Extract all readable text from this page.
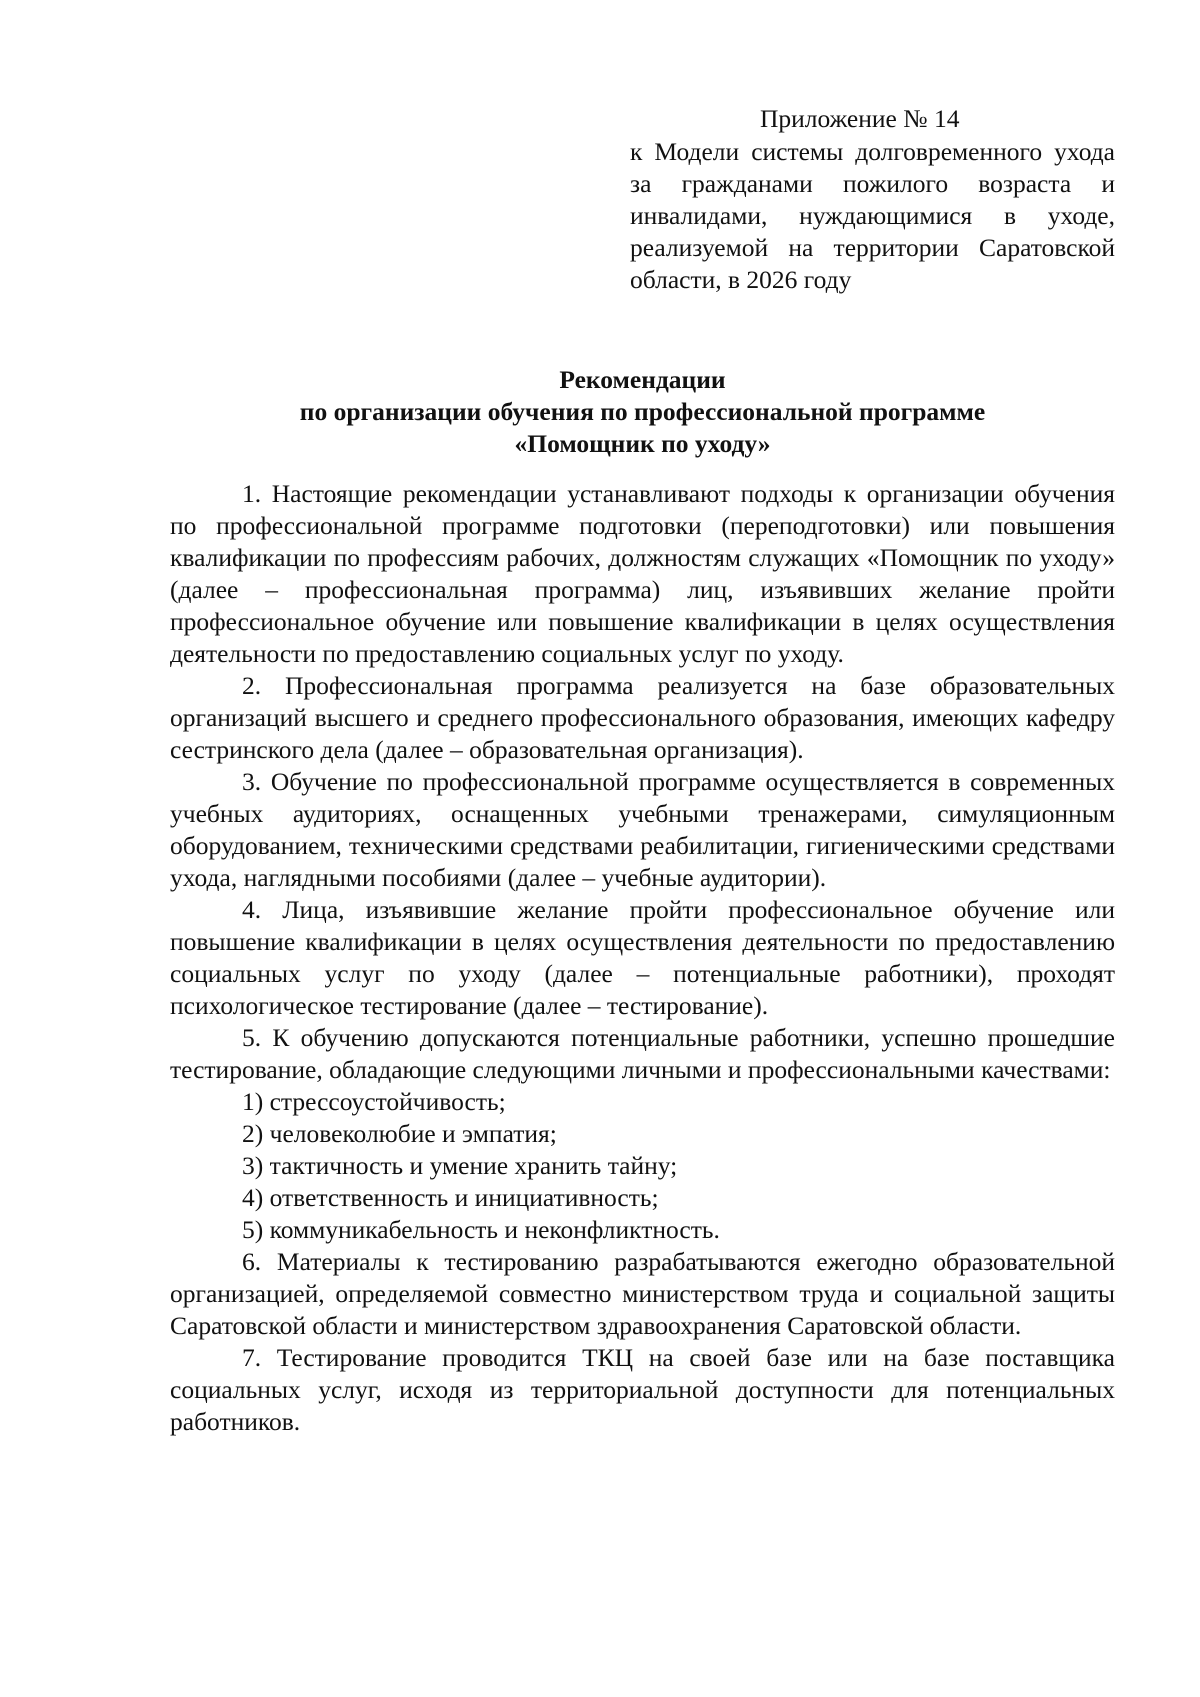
Приложение № 14

к Модели системы долговременного ухода за гражданами пожилого возраста и инвалидами, нуждающимися в уходе, реализуемой на территории Саратовской области, в 2026 году

Рекомендации
по организации обучения по профессиональной программе
«Помощник по уходу»

1. Настоящие рекомендации устанавливают подходы к организации обучения по профессиональной программе подготовки (переподготовки) или повышения квалификации по профессиям рабочих, должностям служащих «Помощник по уходу» (далее – профессиональная программа) лиц, изъявивших желание пройти профессиональное обучение или повышение квалификации в целях осуществления деятельности по предоставлению социальных услуг по уходу.

2. Профессиональная программа реализуется на базе образовательных организаций высшего и среднего профессионального образования, имеющих кафедру сестринского дела (далее – образовательная организация).

3. Обучение по профессиональной программе осуществляется в современных учебных аудиториях, оснащенных учебными тренажерами, симуляционным оборудованием, техническими средствами реабилитации, гигиеническими средствами ухода, наглядными пособиями (далее – учебные аудитории).

4. Лица, изъявившие желание пройти профессиональное обучение или повышение квалификации в целях осуществления деятельности по предоставлению социальных услуг по уходу (далее – потенциальные работники), проходят психологическое тестирование (далее – тестирование).

5. К обучению допускаются потенциальные работники, успешно прошедшие тестирование, обладающие следующими личными и профессиональными качествами:

1) стрессоустойчивость;

2) человеколюбие и эмпатия;

3) тактичность и умение хранить тайну;

4) ответственность и инициативность;

5) коммуникабельность и неконфликтность.

6. Материалы к тестированию разрабатываются ежегодно образовательной организацией, определяемой совместно министерством труда и социальной защиты Саратовской области и министерством здравоохранения Саратовской области.

7. Тестирование проводится ТКЦ на своей базе или на базе поставщика социальных услуг, исходя из территориальной доступности для потенциальных работников.
